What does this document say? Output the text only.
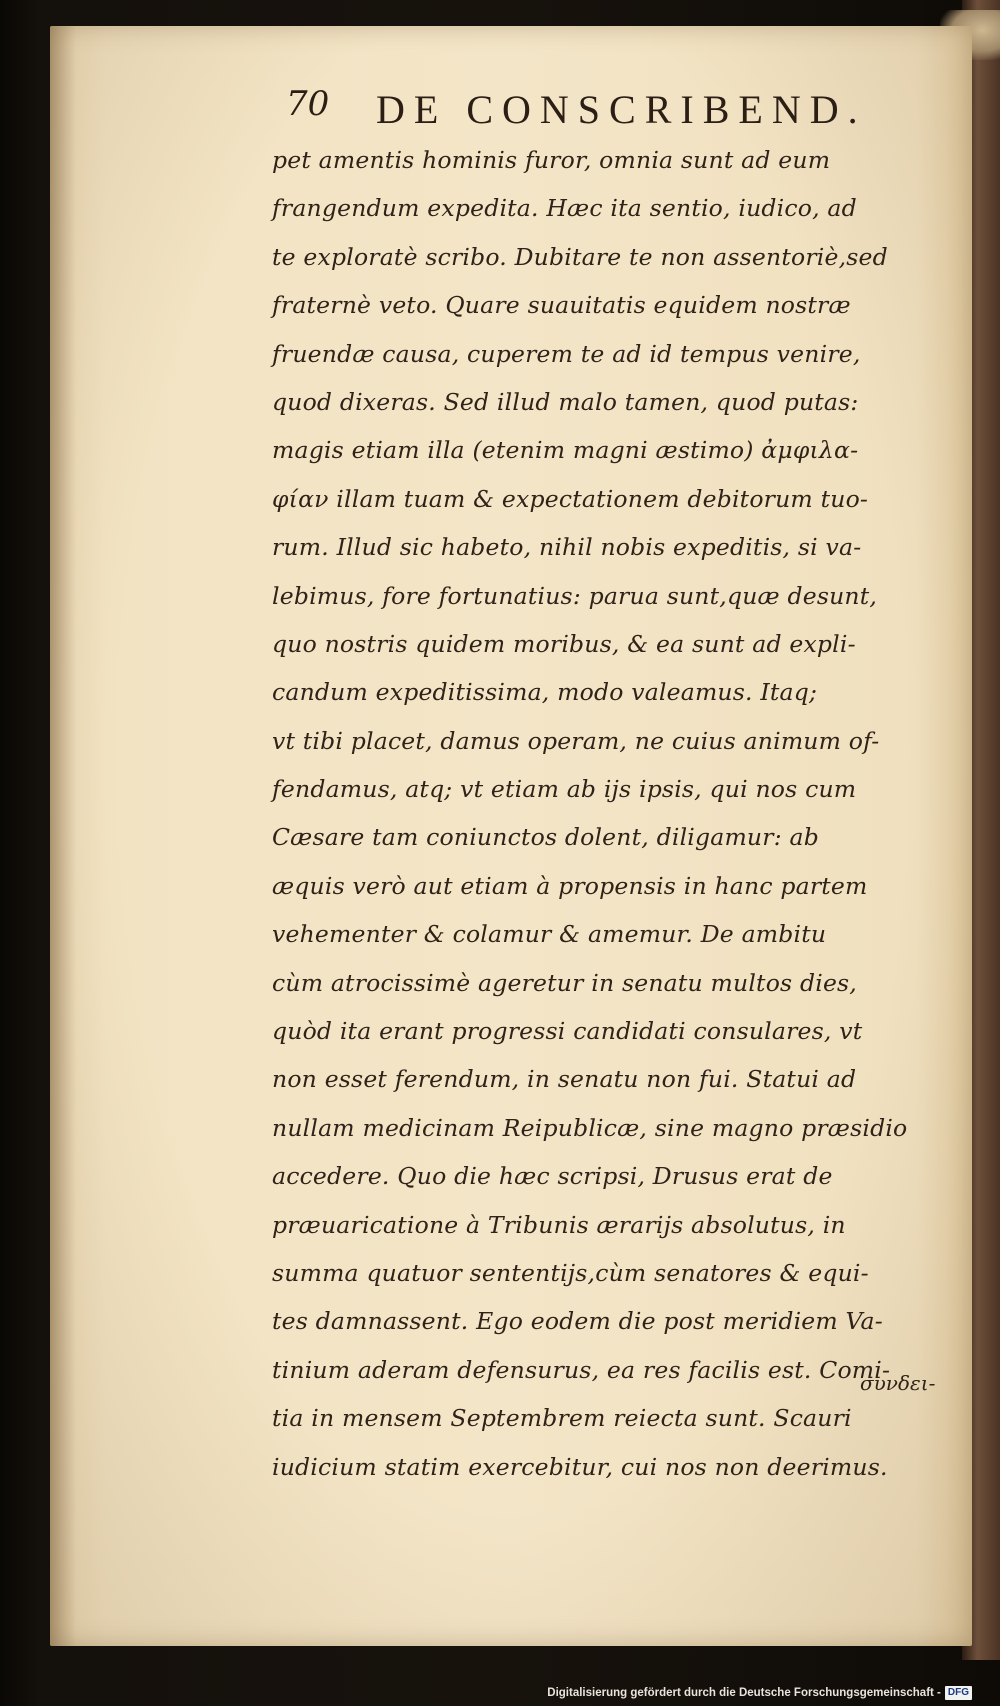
70 DE CONSCRIBEND.
pet amentis hominis furor, omnia sunt ad eum
frangendum expedita. Hæc ita sentio, iudico, ad
te exploratè scribo. Dubitare te non assentoriè,sed
fraternè veto. Quare suauitatis equidem nostræ
fruendæ causa, cuperem te ad id tempus venire,
quod dixeras. Sed illud malo tamen, quod putas:
magis etiam illa (etenim magni æstimo) ἀμφιλα-
φίαν illam tuam & expectationem debitorum tuo-
rum. Illud sic habeto, nihil nobis expeditis, si va-
lebimus, fore fortunatius: parua sunt,quæ desunt,
quo nostris quidem moribus, & ea sunt ad expli-
candum expeditissima, modo valeamus. Itaq;
vt tibi placet, damus operam, ne cuius animum of-
fendamus, atq; vt etiam ab ijs ipsis, qui nos cum
Cæsare tam coniunctos dolent, diligamur: ab
æquis verò aut etiam à propensis in hanc partem
vehementer & colamur & amemur. De ambitu
cùm atrocissimè ageretur in senatu multos dies,
quòd ita erant progressi candidati consulares, vt
non esset ferendum, in senatu non fui. Statui ad
nullam medicinam Reipublicæ, sine magno præsidio
accedere. Quo die hæc scripsi, Drusus erat de
præuaricatione à Tribunis ærarijs absolutus, in
summa quatuor sententijs,cùm senatores & equi-
tes damnassent. Ego eodem die post meridiem Va-
tinium aderam defensurus, ea res facilis est. Comi-
tia in mensem Septembrem reiecta sunt. Scauri
iudicium statim exercebitur, cui nos non deerimus.
συνδει-
Digitalisierung gefördert durch die Deutsche Forschungsgemeinschaft - DFG
